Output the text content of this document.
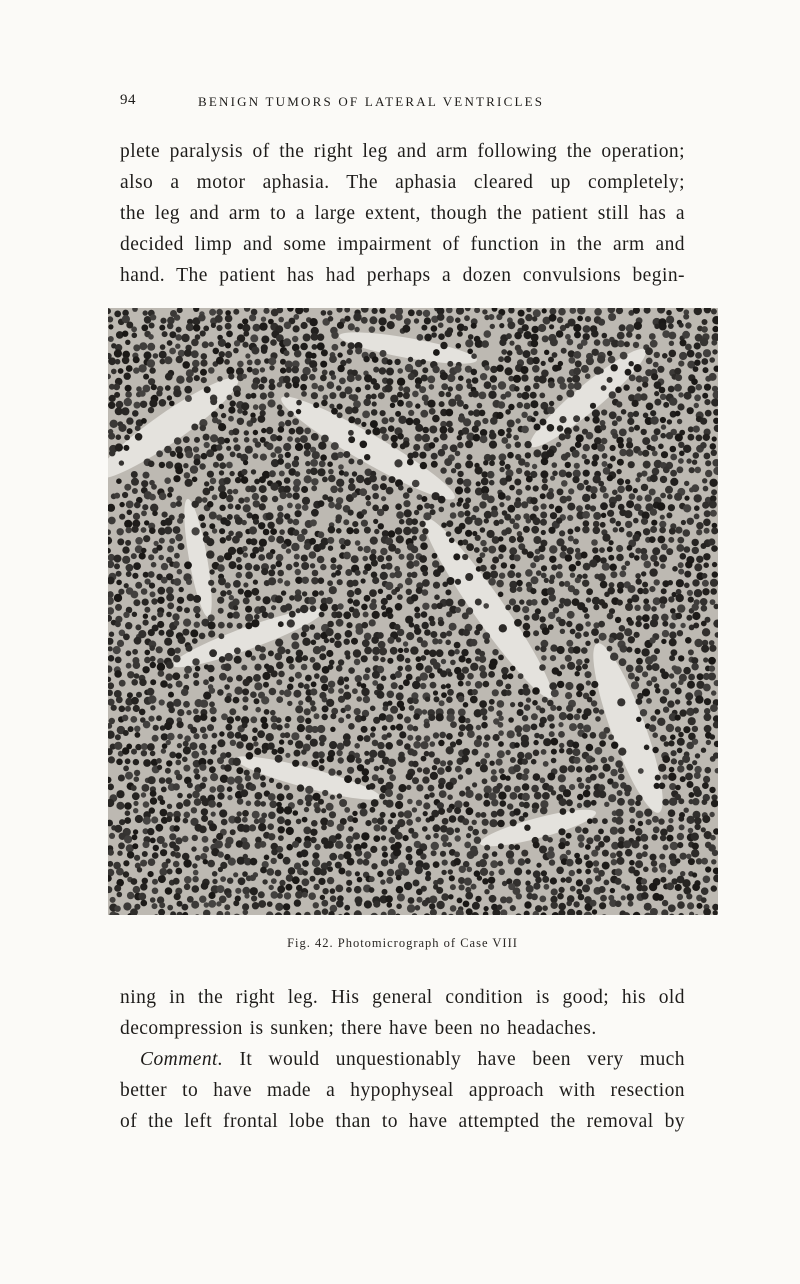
94	BENIGN TUMORS OF LATERAL VENTRICLES
plete paralysis of the right leg and arm following the operation;
also a motor aphasia. The aphasia cleared up completely;
the leg and arm to a large extent, though the patient still has a
decided limp and some impairment of function in the arm and
hand. The patient has had perhaps a dozen convulsions begin-
Fig. 42. Photomicrograph of Case VIII
ning in the right leg. His general condition is good; his old
decompression is sunken; there have been no headaches.
Comment. It would unquestionably have been very much
better to have made a hypophyseal approach with resection
of the left frontal lobe than to have attempted the removal by
